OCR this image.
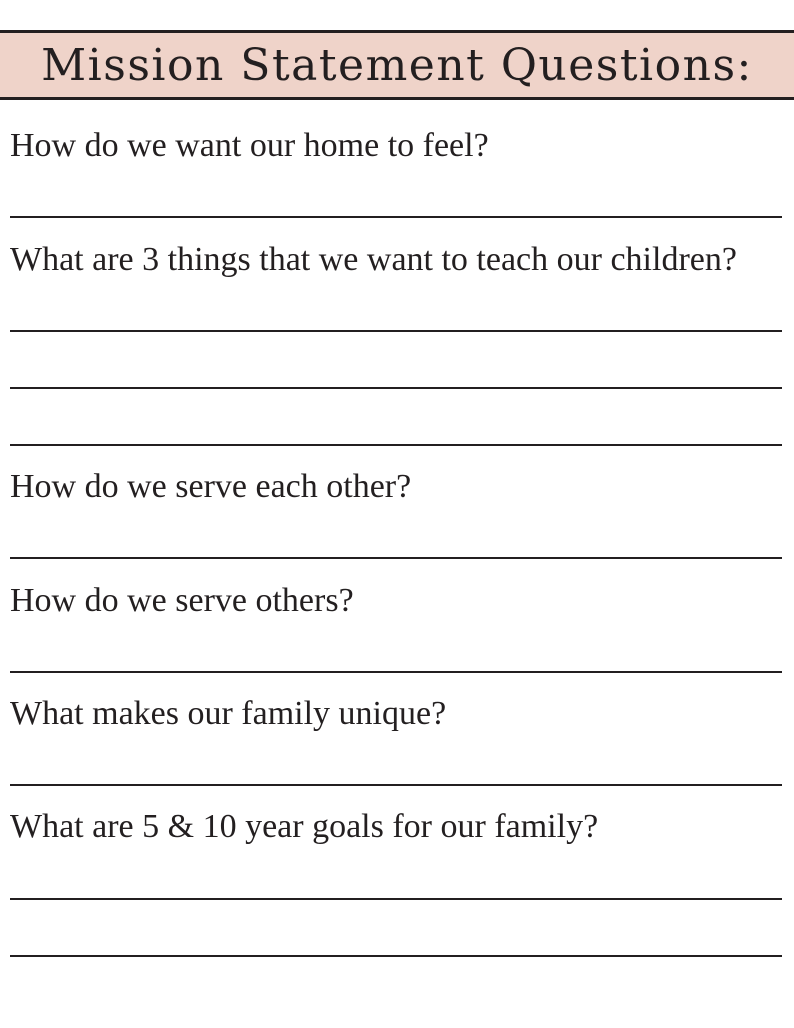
Mission Statement Questions:
How do we want our home to feel?
What are 3 things that we want to teach our children?
How do we serve each other?
How do we serve others?
What makes our family unique?
What are 5 & 10 year goals for our family?
